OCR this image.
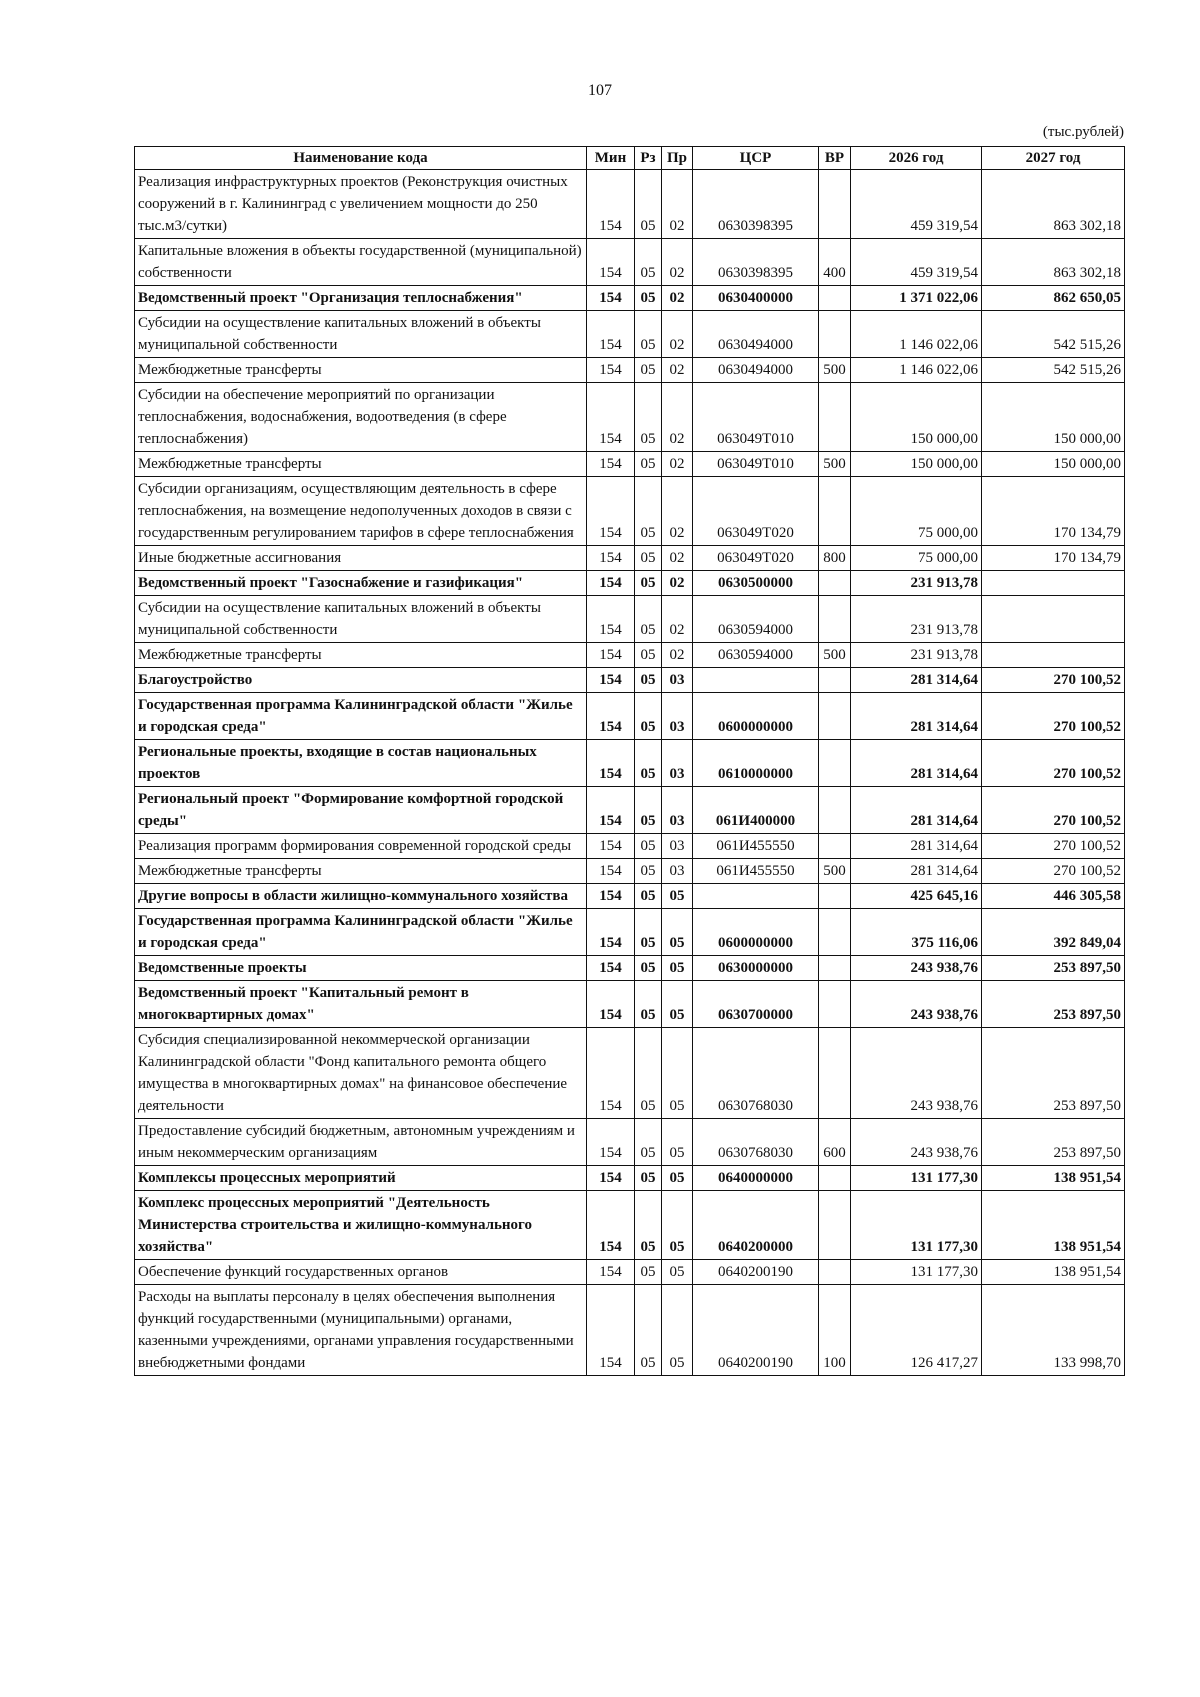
107
(тыс.рублей)
Наименование кода	Мин	Рз	Пр	ЦСР	ВР	2026 год	2027 год
Реализация инфраструктурных проектов (Реконструкция очистных сооружений в г. Калининград с увеличением мощности до 250 тыс.м3/сутки)	154	05	02	0630398395		459 319,54	863 302,18
Капитальные вложения в объекты государственной (муниципальной) собственности	154	05	02	0630398395	400	459 319,54	863 302,18
Ведомственный проект "Организация теплоснабжения"	154	05	02	0630400000		1 371 022,06	862 650,05
Субсидии на осуществление капитальных вложений в объекты муниципальной собственности	154	05	02	0630494000		1 146 022,06	542 515,26
Межбюджетные трансферты	154	05	02	0630494000	500	1 146 022,06	542 515,26
Субсидии на обеспечение мероприятий по организации теплоснабжения, водоснабжения, водоотведения (в сфере теплоснабжения)	154	05	02	063049Т010		150 000,00	150 000,00
Межбюджетные трансферты	154	05	02	063049Т010	500	150 000,00	150 000,00
Субсидии организациям, осуществляющим деятельность в сфере теплоснабжения, на возмещение недополученных доходов в связи с государственным регулированием тарифов в сфере теплоснабжения	154	05	02	063049Т020		75 000,00	170 134,79
Иные бюджетные ассигнования	154	05	02	063049Т020	800	75 000,00	170 134,79
Ведомственный проект "Газоснабжение и газификация"	154	05	02	0630500000		231 913,78	
Субсидии на осуществление капитальных вложений в объекты муниципальной собственности	154	05	02	0630594000		231 913,78	
Межбюджетные трансферты	154	05	02	0630594000	500	231 913,78	
Благоустройство	154	05	03			281 314,64	270 100,52
Государственная программа Калининградской области "Жилье и городская среда"	154	05	03	0600000000		281 314,64	270 100,52
Региональные проекты, входящие в состав национальных проектов	154	05	03	0610000000		281 314,64	270 100,52
Региональный проект "Формирование комфортной городской среды"	154	05	03	061И400000		281 314,64	270 100,52
Реализация программ формирования современной городской среды	154	05	03	061И455550		281 314,64	270 100,52
Межбюджетные трансферты	154	05	03	061И455550	500	281 314,64	270 100,52
Другие вопросы в области жилищно-коммунального хозяйства	154	05	05			425 645,16	446 305,58
Государственная программа Калининградской области "Жилье и городская среда"	154	05	05	0600000000		375 116,06	392 849,04
Ведомственные проекты	154	05	05	0630000000		243 938,76	253 897,50
Ведомственный проект "Капитальный ремонт в многоквартирных домах"	154	05	05	0630700000		243 938,76	253 897,50
Субсидия специализированной некоммерческой организации Калининградской области "Фонд капитального ремонта общего имущества в многоквартирных домах" на финансовое обеспечение деятельности	154	05	05	0630768030		243 938,76	253 897,50
Предоставление субсидий бюджетным, автономным учреждениям и иным некоммерческим организациям	154	05	05	0630768030	600	243 938,76	253 897,50
Комплексы процессных мероприятий	154	05	05	0640000000		131 177,30	138 951,54
Комплекс процессных мероприятий "Деятельность Министерства строительства и жилищно-коммунального хозяйства"	154	05	05	0640200000		131 177,30	138 951,54
Обеспечение функций государственных органов	154	05	05	0640200190		131 177,30	138 951,54
Расходы на выплаты персоналу в целях обеспечения выполнения функций государственными (муниципальными) органами, казенными учреждениями, органами управления государственными внебюджетными фондами	154	05	05	0640200190	100	126 417,27	133 998,70
